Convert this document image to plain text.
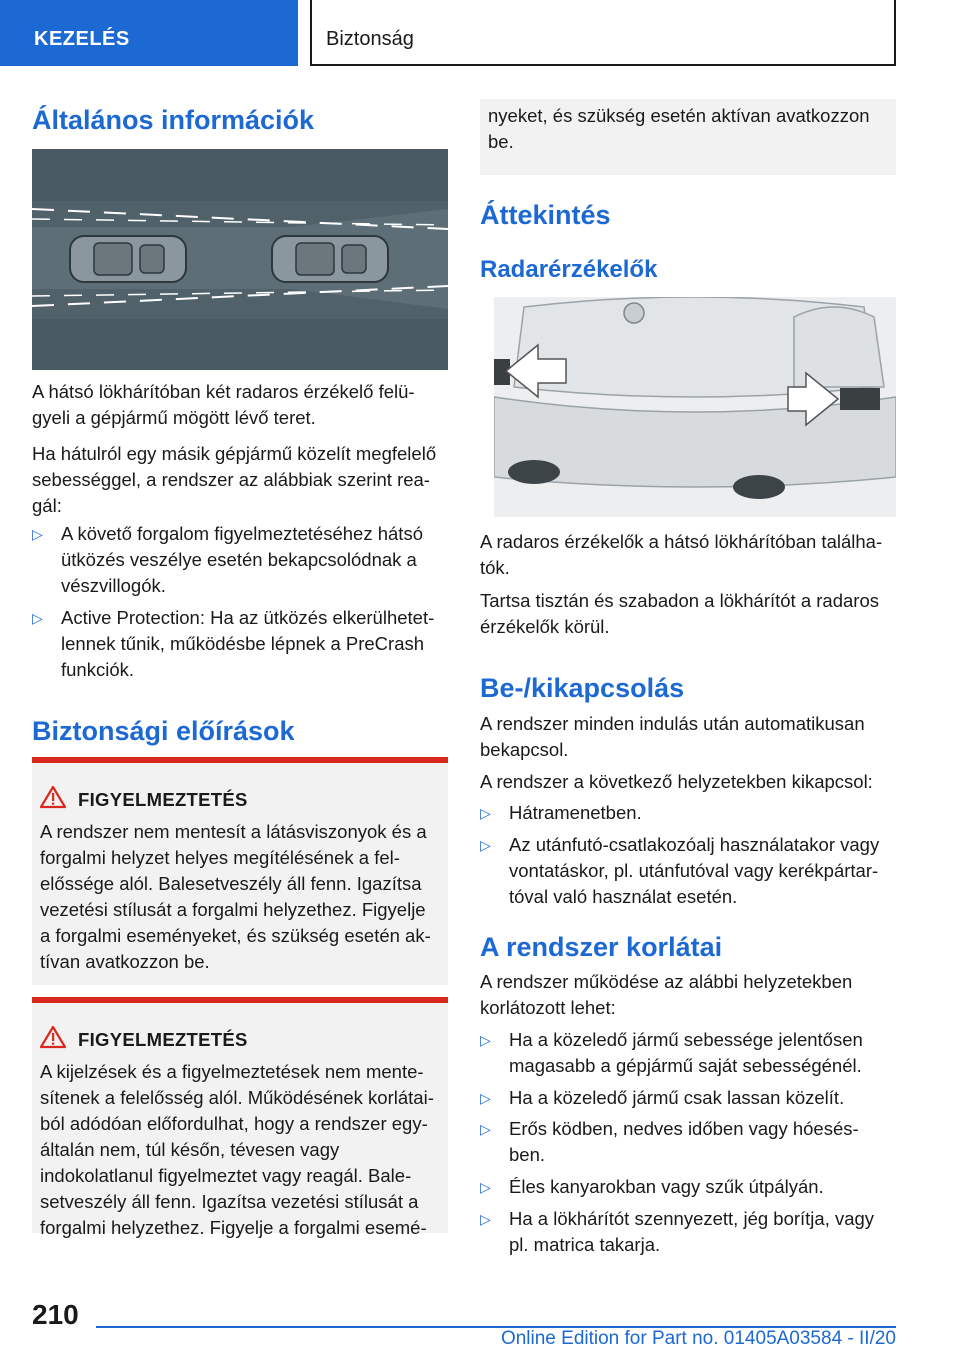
KEZELÉS	Biztonság
Általános információk
A hátsó lökhárítóban két radaros érzékelő felü-
gyeli a gépjármű mögött lévő teret.
Ha hátulról egy másik gépjármű közelít megfelelő
sebességgel, a rendszer az alábbiak szerint rea-
gál:
▷ A követő forgalom figyelmeztetéséhez hátsó
ütközés veszélye esetén bekapcsolódnak a
vészvillogók.
▷ Active Protection: Ha az ütközés elkerülhetet-
lennek tűnik, működésbe lépnek a PreCrash
funkciók.
Biztonsági előírások
FIGYELMEZTETÉS
A rendszer nem mentesít a látásviszonyok és a
forgalmi helyzet helyes megítélésének a fel-
előssége alól. Balesetveszély áll fenn. Igazítsa
vezetési stílusát a forgalmi helyzethez. Figyelje
a forgalmi eseményeket, és szükség esetén ak-
tívan avatkozzon be.
FIGYELMEZTETÉS
A kijelzések és a figyelmeztetések nem mente-
sítenek a felelősség alól. Működésének korlátai-
ból adódóan előfordulhat, hogy a rendszer egy-
általán nem, túl későn, tévesen vagy
indokolatlanul figyelmeztet vagy reagál. Bale-
setveszély áll fenn. Igazítsa vezetési stílusát a
forgalmi helyzethez. Figyelje a forgalmi esemé-
nyeket, és szükség esetén aktívan avatkozzon
be.
Áttekintés
Radarérzékelők
A radaros érzékelők a hátsó lökhárítóban találha-
tók.
Tartsa tisztán és szabadon a lökhárítót a radaros
érzékelők körül.
Be-/kikapcsolás
A rendszer minden indulás után automatikusan
bekapcsol.
A rendszer a következő helyzetekben kikapcsol:
▷ Hátramenetben.
▷ Az utánfutó-csatlakozóalj használatakor vagy
vontatáskor, pl. utánfutóval vagy kerékpártar-
tóval való használat esetén.
A rendszer korlátai
A rendszer működése az alábbi helyzetekben
korlátozott lehet:
▷ Ha a közeledő jármű sebessége jelentősen
magasabb a gépjármű saját sebességénél.
▷ Ha a közeledő jármű csak lassan közelít.
▷ Erős ködben, nedves időben vagy hóesés-
ben.
▷ Éles kanyarokban vagy szűk útpályán.
▷ Ha a lökhárítót szennyezett, jég borítja, vagy
pl. matrica takarja.
210
Online Edition for Part no. 01405A03584 - II/20
